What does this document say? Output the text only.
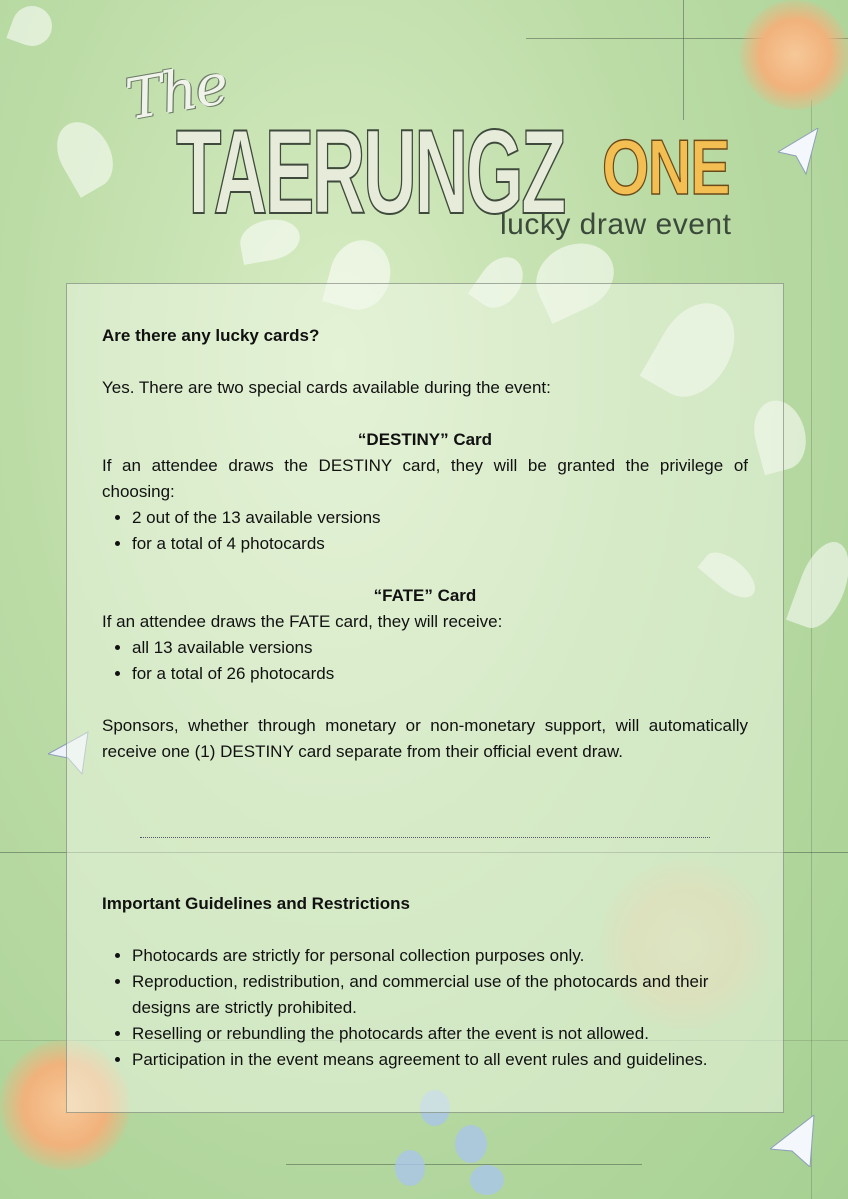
The
TAERUNGZ ONE
lucky draw event
Are there any lucky cards?
Yes. There are two special cards available during the event:
“DESTINY” Card
If an attendee draws the DESTINY card, they will be granted the privilege of choosing:
• 2 out of the 13 available versions
• for a total of 4 photocards
“FATE” Card
If an attendee draws the FATE card, they will receive:
• all 13 available versions
• for a total of 26 photocards
Sponsors, whether through monetary or non-monetary support, will automatically receive one (1) DESTINY card separate from their official event draw.
Important Guidelines and Restrictions
• Photocards are strictly for personal collection purposes only.
• Reproduction, redistribution, and commercial use of the photocards and their designs are strictly prohibited.
• Reselling or rebundling the photocards after the event is not allowed.
• Participation in the event means agreement to all event rules and guidelines.
